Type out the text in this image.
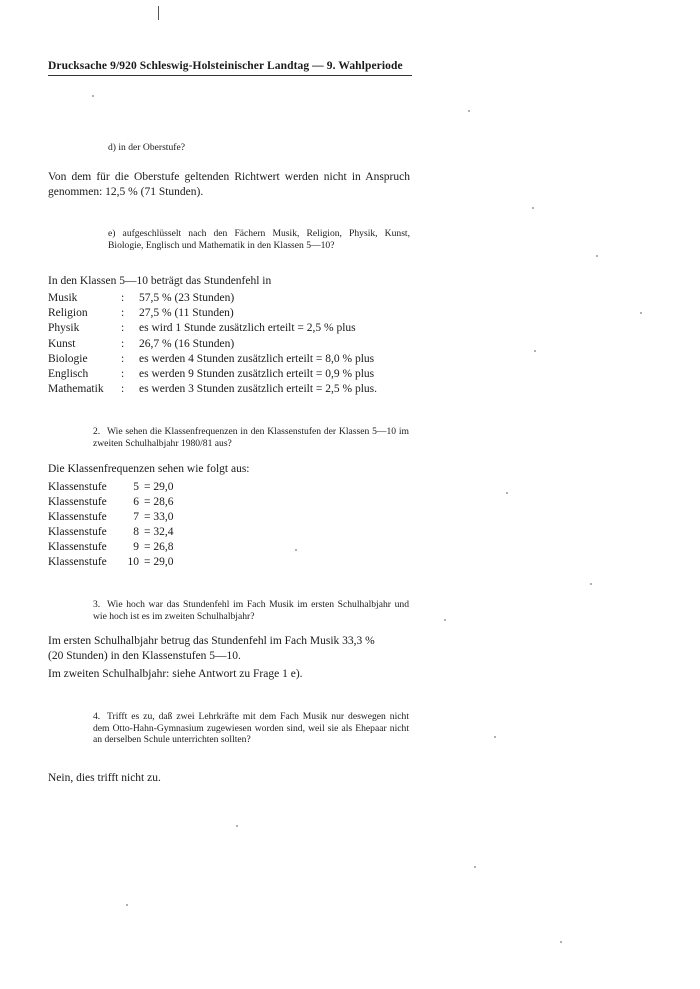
Drucksache 9/920 Schleswig-Holsteinischer Landtag — 9. Wahlperiode
d) in der Oberstufe?
Von dem für die Oberstufe geltenden Richtwert werden nicht in Anspruch genommen: 12,5 % (71 Stunden).
e) aufgeschlüsselt nach den Fächern Musik, Religion, Physik, Kunst, Biologie, Englisch und Mathematik in den Klassen 5—10?
In den Klassen 5—10 beträgt das Stundenfehl in
Musik	:	57,5 % (23 Stunden)
Religion	:	27,5 % (11 Stunden)
Physik	:	es wird 1 Stunde zusätzlich erteilt = 2,5 % plus
Kunst	:	26,7 % (16 Stunden)
Biologie	:	es werden 4 Stunden zusätzlich erteilt = 8,0 % plus
Englisch	:	es werden 9 Stunden zusätzlich erteilt = 0,9 % plus
Mathematik	:	es werden 3 Stunden zusätzlich erteilt = 2,5 % plus.
2. Wie sehen die Klassenfrequenzen in den Klassenstufen der Klassen 5—10 im zweiten Schulhalbjahr 1980/81 aus?
Die Klassenfrequenzen sehen wie folgt aus:
Klassenstufe	5 = 29,0
Klassenstufe	6 = 28,6
Klassenstufe	7 = 33,0
Klassenstufe	8 = 32,4
Klassenstufe	9 = 26,8
Klassenstufe	10 = 29,0
3. Wie hoch war das Stundenfehl im Fach Musik im ersten Schulhalbjahr und wie hoch ist es im zweiten Schulhalbjahr?
Im ersten Schulhalbjahr betrug das Stundenfehl im Fach Musik 33,3 %
(20 Stunden) in den Klassenstufen 5—10.
Im zweiten Schulhalbjahr: siehe Antwort zu Frage 1 e).
4. Trifft es zu, daß zwei Lehrkräfte mit dem Fach Musik nur deswegen nicht dem Otto-Hahn-Gymnasium zugewiesen worden sind, weil sie als Ehepaar nicht an derselben Schule unterrichten sollten?
Nein, dies trifft nicht zu.
